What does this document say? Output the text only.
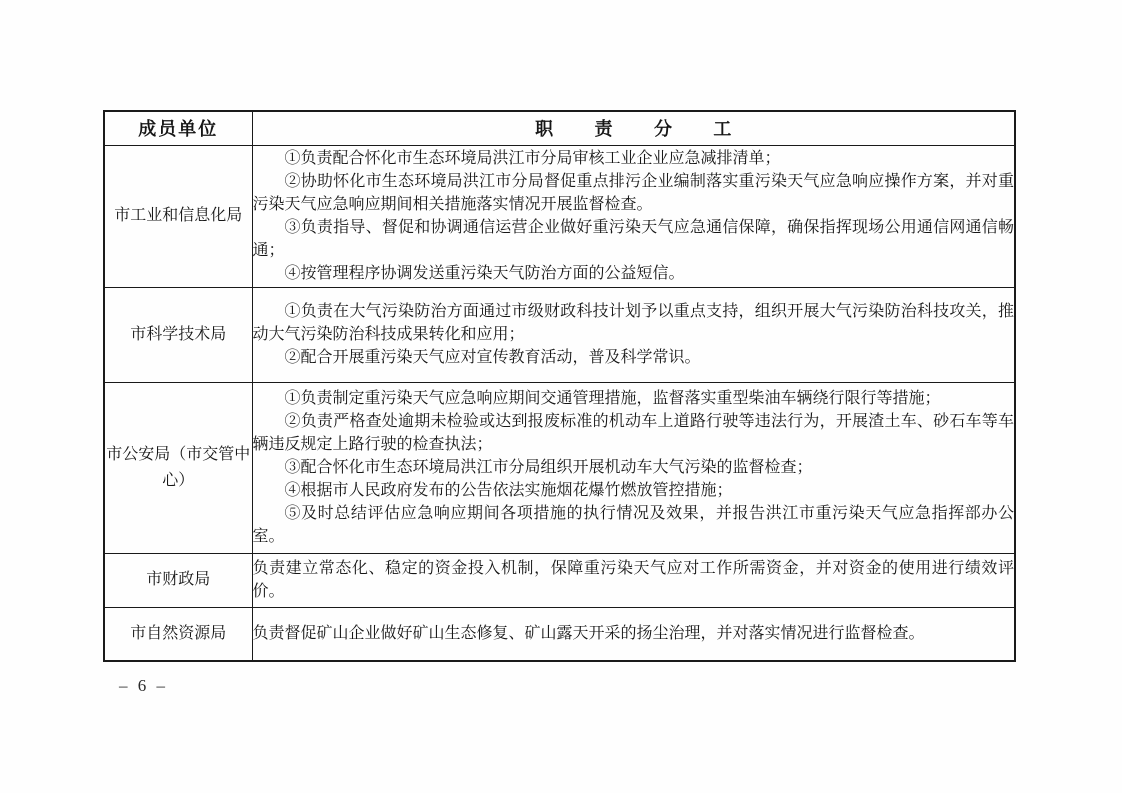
成员单位	职责分工
市工业和信息化局	①负责配合怀化市生态环境局洪江市分局审核工业企业应急减排清单；

②协助怀化市生态环境局洪江市分局督促重点排污企业编制落实重污染天气应急响应操作方案，并对重污染天气应急响应期间相关措施落实情况开展监督检查。

③负责指导、督促和协调通信运营企业做好重污染天气应急通信保障，确保指挥现场公用通信网通信畅通；

④按管理程序协调发送重污染天气防治方面的公益短信。

市科学技术局	①负责在大气污染防治方面通过市级财政科技计划予以重点支持，组织开展大气污染防治科技攻关，推动大气污染防治科技成果转化和应用；

②配合开展重污染天气应对宣传教育活动，普及科学常识。

市公安局（市交管中心）	①负责制定重污染天气应急响应期间交通管理措施，监督落实重型柴油车辆绕行限行等措施；

②负责严格查处逾期未检验或达到报废标准的机动车上道路行驶等违法行为，开展渣土车、砂石车等车辆违反规定上路行驶的检查执法；

③配合怀化市生态环境局洪江市分局组织开展机动车大气污染的监督检查；

④根据市人民政府发布的公告依法实施烟花爆竹燃放管控措施；

⑤及时总结评估应急响应期间各项措施的执行情况及效果，并报告洪江市重污染天气应急指挥部办公室。

市财政局	负责建立常态化、稳定的资金投入机制，保障重污染天气应对工作所需资金，并对资金的使用进行绩效评价。

市自然资源局	负责督促矿山企业做好矿山生态修复、矿山露天开采的扬尘治理，并对落实情况进行监督检查。

– 6 –
